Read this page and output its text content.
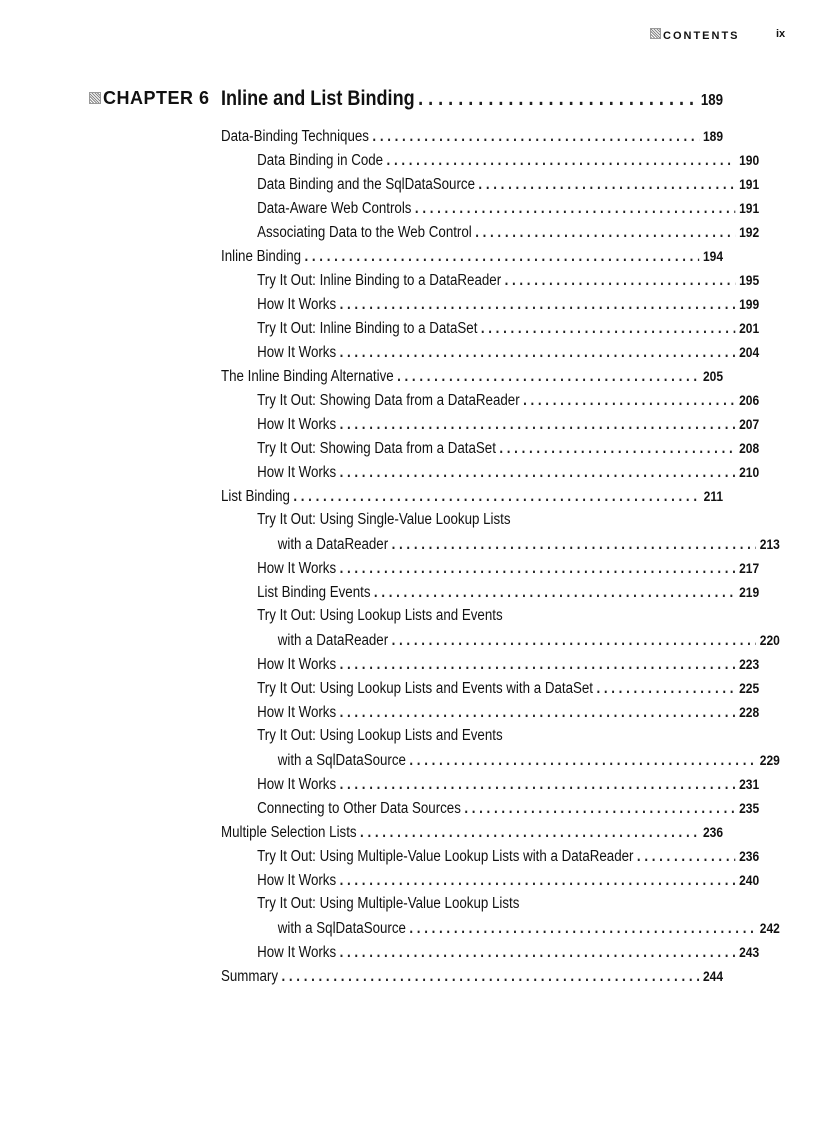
CONTENTS	ix
CHAPTER 6 Inline and List Binding . . .	189
Data-Binding Techniques . . .	189
Data Binding in Code . . .	190
Data Binding and the SqlDataSource . . .	191
Data-Aware Web Controls . . .	191
Associating Data to the Web Control . . .	192
Inline Binding . . .	194
Try It Out: Inline Binding to a DataReader . . .	195
How It Works . . .	199
Try It Out: Inline Binding to a DataSet . . .	201
How It Works . . .	204
The Inline Binding Alternative . . .	205
Try It Out: Showing Data from a DataReader . . .	206
How It Works . . .	207
Try It Out: Showing Data from a DataSet . . .	208
How It Works . . .	210
List Binding . . .	211
Try It Out: Using Single-Value Lookup Lists
with a DataReader . . .	213
How It Works . . .	217
List Binding Events . . .	219
Try It Out: Using Lookup Lists and Events
with a DataReader . . .	220
How It Works . . .	223
Try It Out: Using Lookup Lists and Events with a DataSet . . .	225
How It Works . . .	228
Try It Out: Using Lookup Lists and Events
with a SqlDataSource . . .	229
How It Works . . .	231
Connecting to Other Data Sources . . .	235
Multiple Selection Lists . . .	236
Try It Out: Using Multiple-Value Lookup Lists with a DataReader . . .	236
How It Works . . .	240
Try It Out: Using Multiple-Value Lookup Lists
with a SqlDataSource . . .	242
How It Works . . .	243
Summary . . .	244
